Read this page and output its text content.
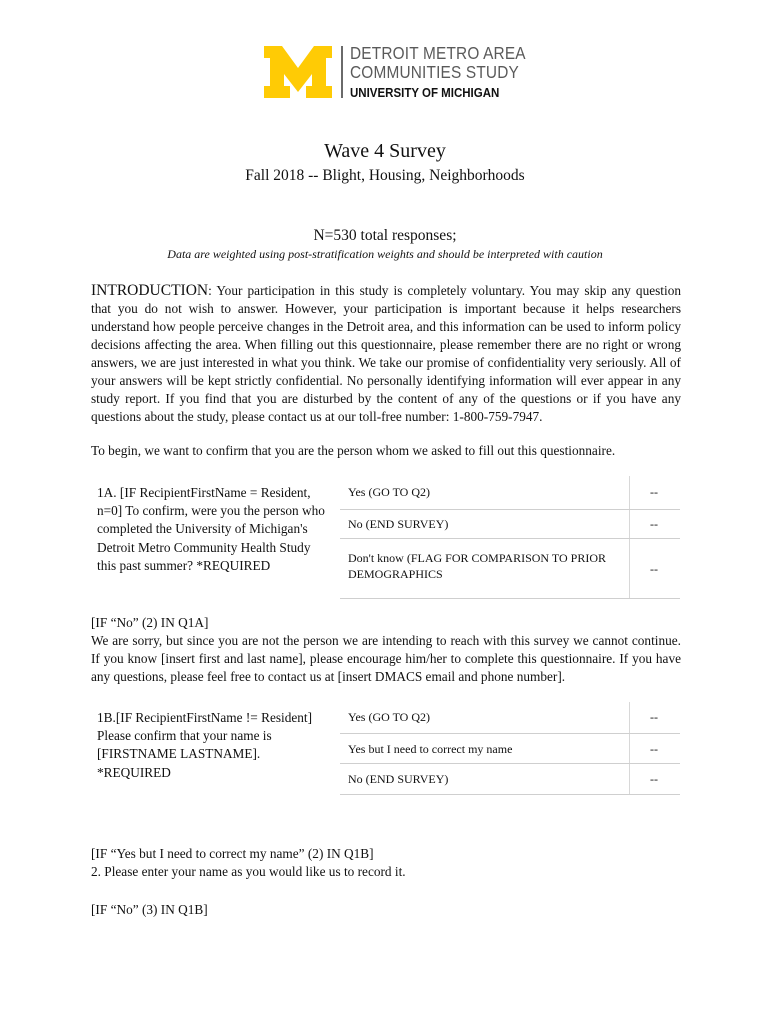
DETROIT METRO AREA
COMMUNITIES STUDY
UNIVERSITY OF MICHIGAN
Wave 4 Survey
Fall 2018 -- Blight, Housing, Neighborhoods
N=530 total responses;
Data are weighted using post-stratification weights and should be interpreted with caution

INTRODUCTION: Your participation in this study is completely voluntary. You may skip any question that you do not wish to answer. However, your participation is important because it helps researchers understand how people perceive changes in the Detroit area, and this information can be used to inform policy decisions affecting the area. When filling out this questionnaire, please remember there are no right or wrong answers, we are just interested in what you think. We take our promise of confidentiality very seriously. All of your answers will be kept strictly confidential. No personally identifying information will ever appear in any study report. If you find that you are disturbed by the content of any of the questions or if you have any questions about the study, please contact us at our toll-free number: 1-800-759-7947.

To begin, we want to confirm that you are the person whom we asked to fill out this questionnaire.

1A. [IF RecipientFirstName = Resident, n=0] To confirm, were you the person who completed the University of Michigan's Detroit Metro Community Health Study this past summer? *REQUIRED
Yes (GO TO Q2)	--
No (END SURVEY)	--
Don't know (FLAG FOR COMPARISON TO PRIOR DEMOGRAPHICS	--
[IF “No” (2) IN Q1A]
We are sorry, but since you are not the person we are intending to reach with this survey we cannot continue. If you know [insert first and last name], please encourage him/her to complete this questionnaire. If you have any questions, please feel free to contact us at [insert DMACS email and phone number].
1B.[IF RecipientFirstName != Resident] Please confirm that your name is [FIRSTNAME LASTNAME]. *REQUIRED
Yes (GO TO Q2)	--
Yes but I need to correct my name	--
No (END SURVEY)	--
[IF “Yes but I need to correct my name” (2) IN Q1B]
2. Please enter your name as you would like us to record it.
[IF “No” (3) IN Q1B]
